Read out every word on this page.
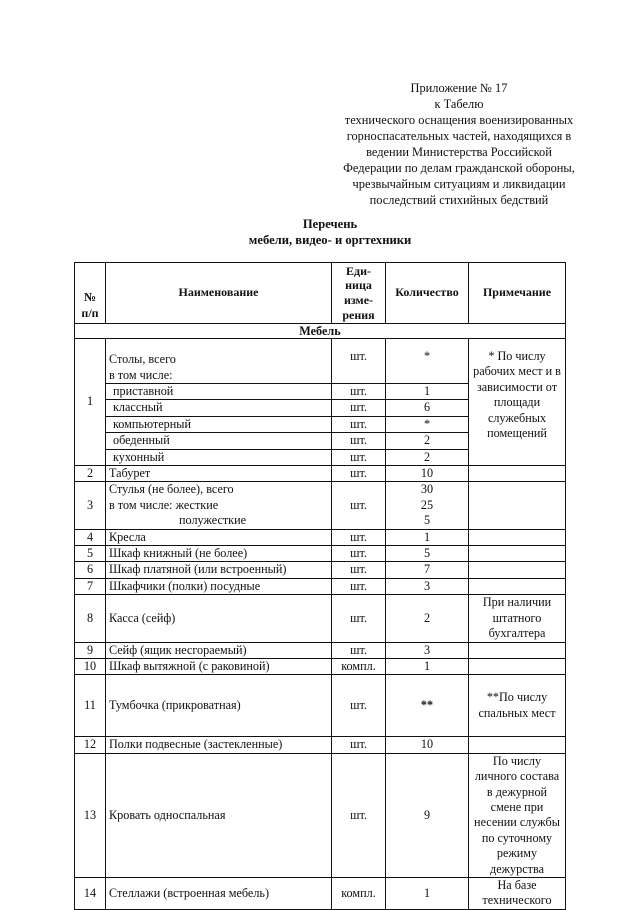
Приложение № 17
к Табелю
технического оснащения военизированных
горноспасательных частей, находящихся в
ведении Министерства Российской
Федерации по делам гражданской обороны,
чрезвычайным ситуациям и ликвидации
последствий стихийных бедствий
Перечень
мебели, видео- и оргтехники
№
п/п	Наименование	Еди-
ница
изме-
рения	Количество	Примечание
Мебель				
1	Столы, всего
в том числе:	шт.	*	* По числу рабочих мест и в зависимости от площади служебных помещений

	приставной	шт.	1	

	классный	шт.	6	

	компьютерный	шт.	*	

	обеденный	шт.	2	

	кухонный	шт.	2	
2	Табурет	шт.	10	
3	Стулья (не более), всего
в том числе: жесткие
полужесткие	шт.	30
25
5	

4	Кресла	шт.	1	
5	Шкаф книжный (не более)	шт.	5	
6	Шкаф платяной (или встроенный)	шт.	7	
7	Шкафчики (полки) посудные	шт.	3	
8	Касса (сейф)	шт.	2	При наличии штатного бухгалтера
9	Сейф (ящик несгораемый)	шт.	3	
10	Шкаф вытяжной (с раковиной)	компл.	1	
11	Тумбочка (прикроватная)	шт.	**	**По числу спальных мест
12	Полки подвесные (застекленные)	шт.	10	
13	Кровать односпальная	шт.	9	По числу личного состава в дежурной смене при несении службы по суточному режиму дежурства
14	Стеллажи (встроенная мебель)	компл.	1	На базе технического
